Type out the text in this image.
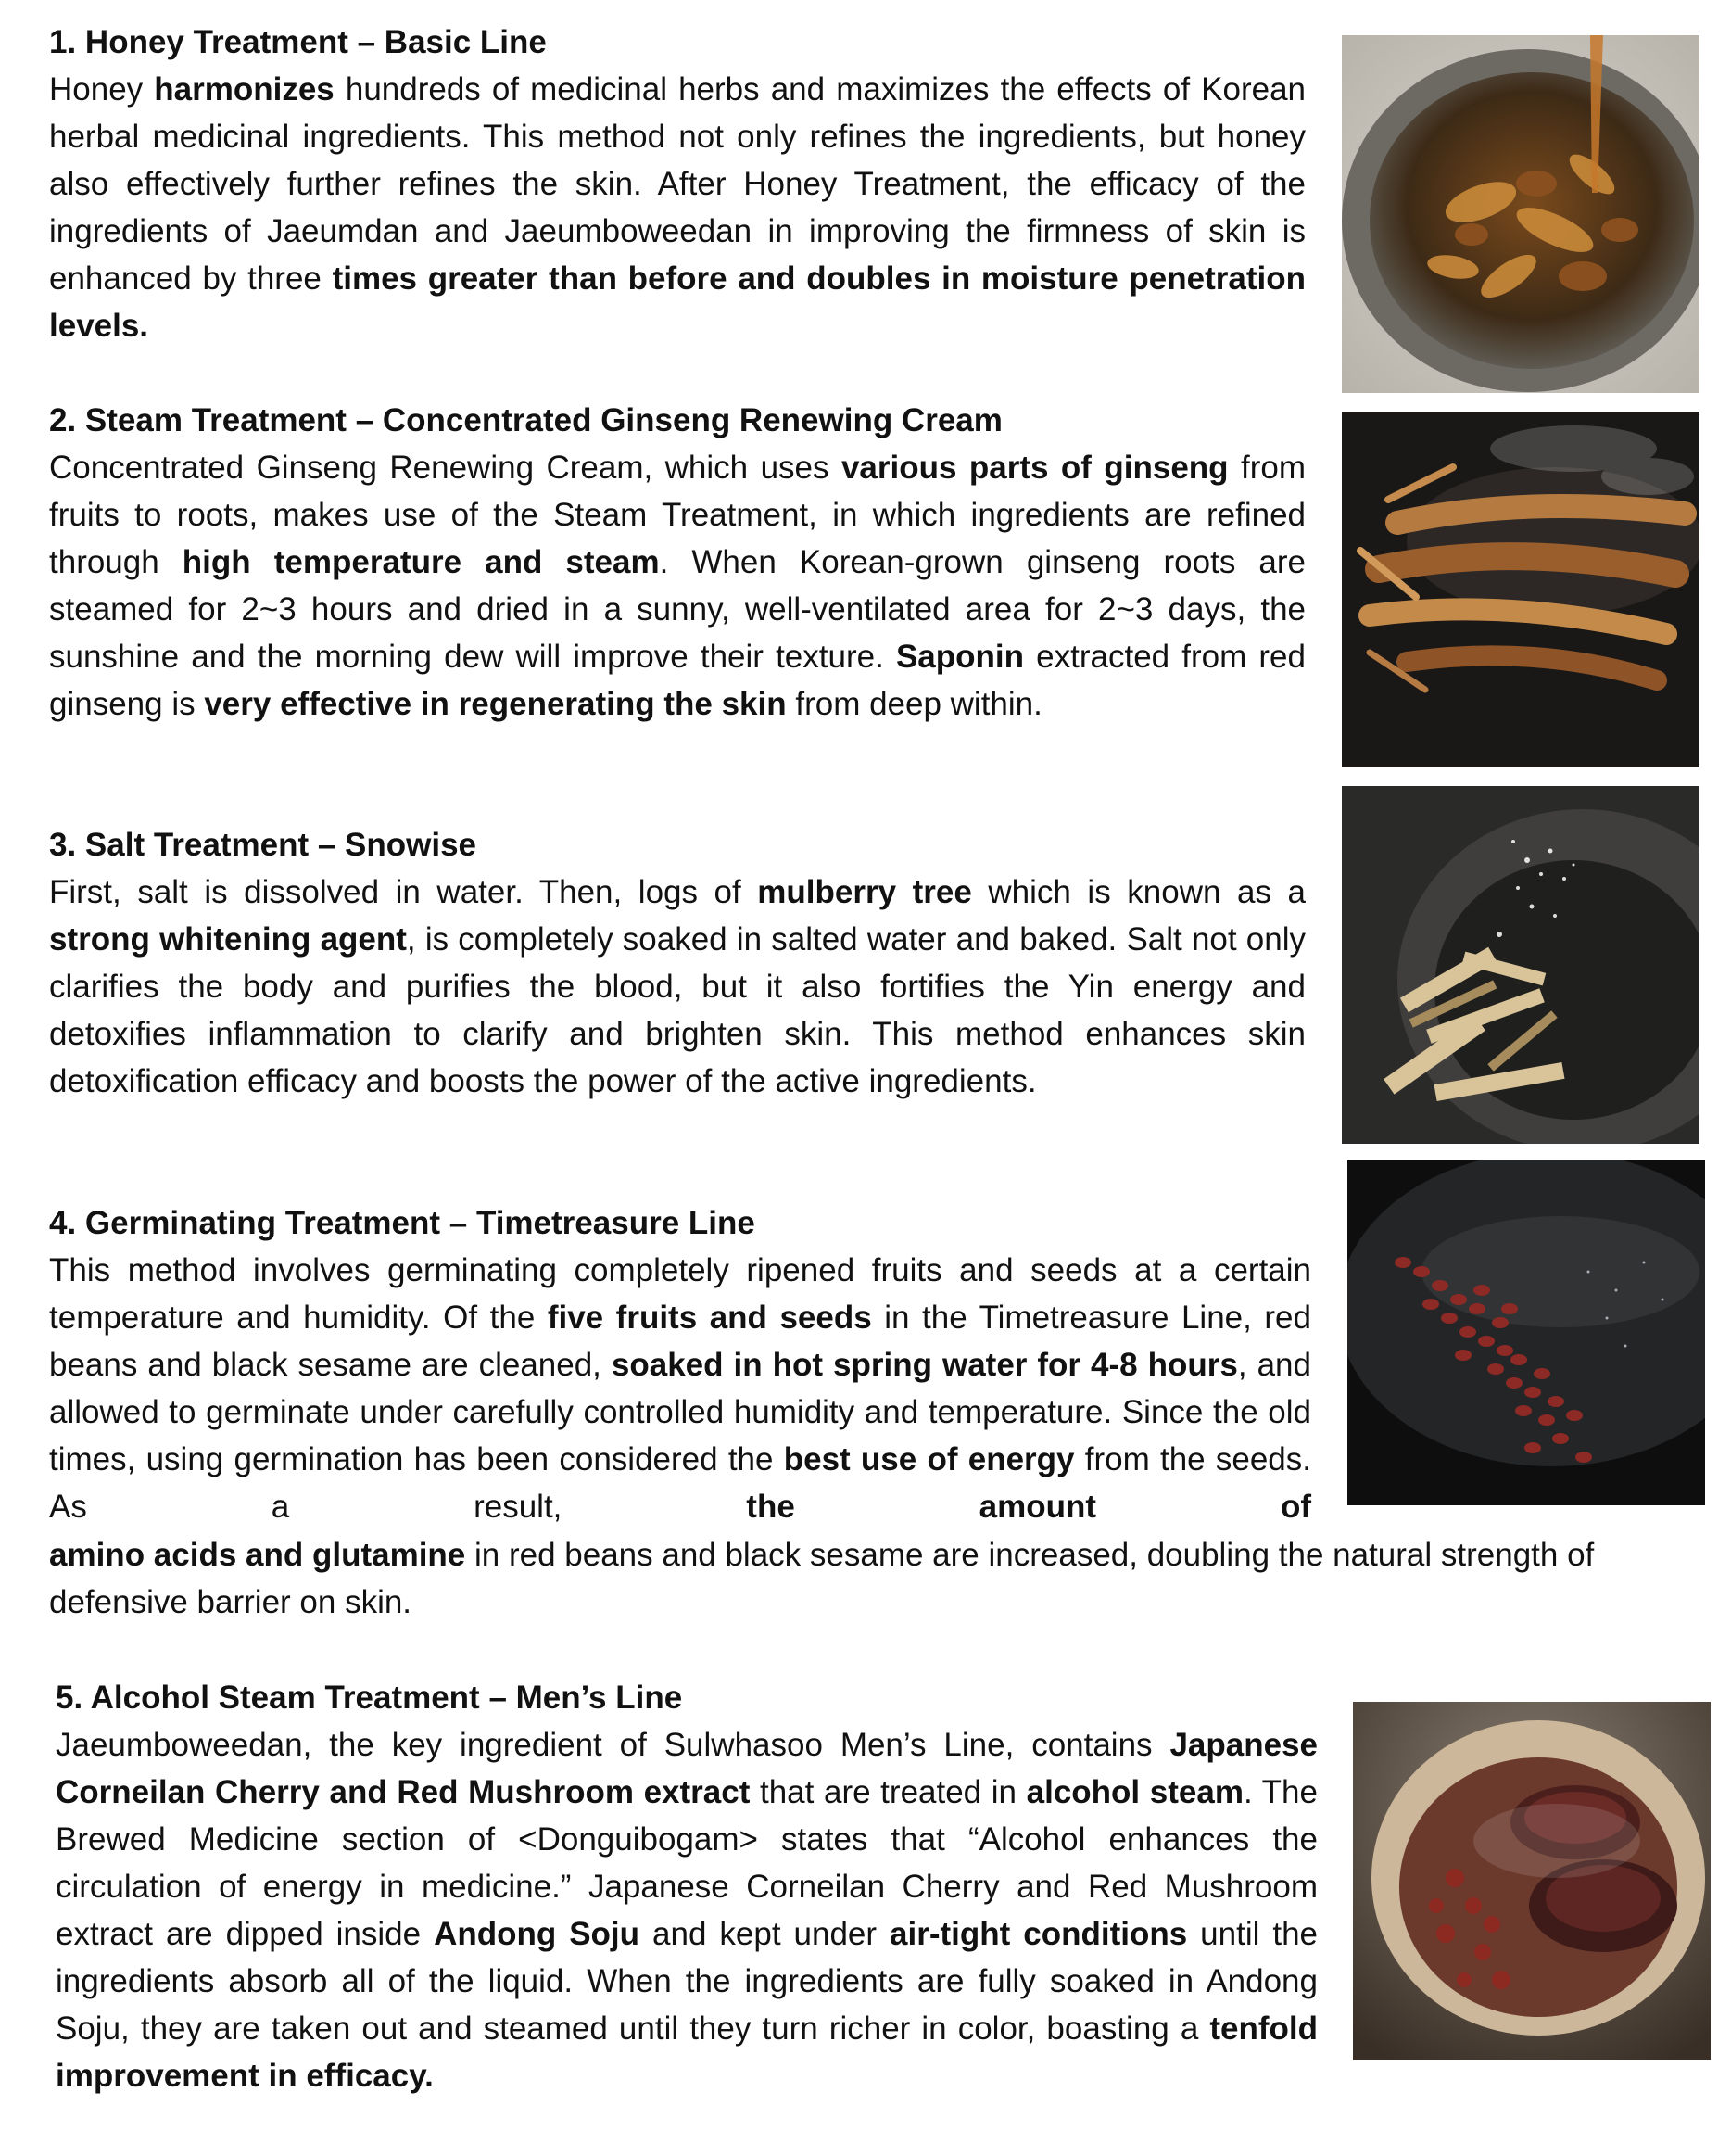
1. Honey Treatment – Basic Line

Honey harmonizes hundreds of medicinal herbs and maximizes the effects of Korean herbal medicinal ingredients. This method not only refines the ingredients, but honey also effectively further refines the skin. After Honey Treatment, the efficacy of the ingredients of Jaeumdan and Jaeumboweedan in improving the firmness of skin is enhanced by three times greater than before and doubles in moisture penetration levels.

2. Steam Treatment – Concentrated Ginseng Renewing Cream

Concentrated Ginseng Renewing Cream, which uses various parts of ginseng from fruits to roots, makes use of the Steam Treatment, in which ingredients are refined through high temperature and steam. When Korean-grown ginseng roots are steamed for 2~3 hours and dried in a sunny, well-ventilated area for 2~3 days, the sunshine and the morning dew will improve their texture. Saponin extracted from red ginseng is very effective in regenerating the skin from deep within.

3. Salt Treatment – Snowise

First, salt is dissolved in water. Then, logs of mulberry tree which is known as a strong whitening agent, is completely soaked in salted water and baked. Salt not only clarifies the body and purifies the blood, but it also fortifies the Yin energy and detoxifies inflammation to clarify and brighten skin. This method enhances skin detoxification efficacy and boosts the power of the active ingredients.

4. Germinating Treatment – Timetreasure Line

This method involves germinating completely ripened fruits and seeds at a certain temperature and humidity. Of the five fruits and seeds in the Timetreasure Line, red beans and black sesame are cleaned, soaked in hot spring water for 4-8 hours, and allowed to germinate under carefully controlled humidity and temperature. Since the old times, using germination has been considered the best use of energy from the seeds. As a result, the amount of

amino acids and glutamine in red beans and black sesame are increased, doubling the natural strength of defensive barrier on skin.

5. Alcohol Steam Treatment – Men’s Line

Jaeumboweedan, the key ingredient of Sulwhasoo Men’s Line, contains Japanese Corneilan Cherry and Red Mushroom extract that are treated in alcohol steam. The Brewed Medicine section of <Donguibogam> states that “Alcohol enhances the circulation of energy in medicine.” Japanese Corneilan Cherry and Red Mushroom extract are dipped inside Andong Soju and kept under air-tight conditions until the ingredients absorb all of the liquid. When the ingredients are fully soaked in Andong Soju, they are taken out and steamed until they turn richer in color, boasting a tenfold improvement in efficacy.
